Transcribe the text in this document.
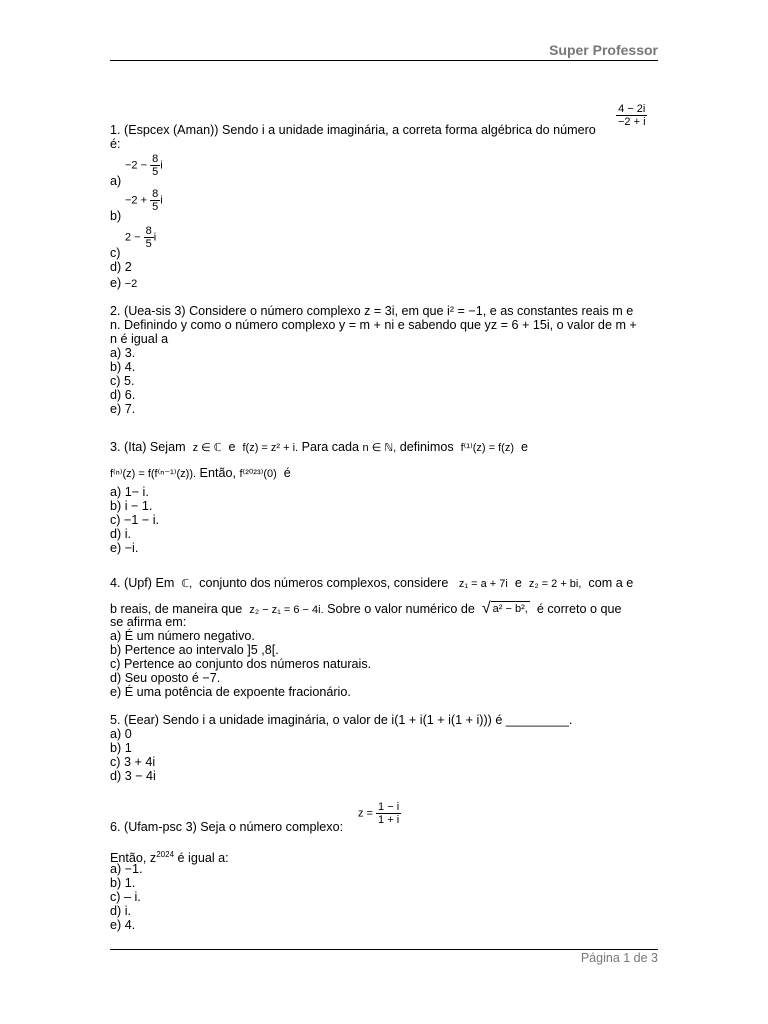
Super Professor
$\frac{4 - 2i}{-2 + i}$
1. (Espcex (Aman)) Sendo i a unidade imaginária, a correta forma algébrica do número
é:
$-2 - \frac{8}{5}$ i
a)
$-2 + \frac{8}{5}$ i
b)
$2 - \frac{8}{5}$ i
c)
d) 2
e) −2
2. (Uea-sis 3) Considere o número complexo z = 3i, em que i² = −1, e as constantes reais m e
n. Definindo y como o número complexo y = m + ni e sabendo que yz = 6 + 15i, o valor de m +
n é igual a
a) 3.
b) 4.
c) 5.
d) 6.
e) 7.
3. (Ita) Sejam z ∈ ℂ e f(z) = z² + i. Para cada n ∈ ℕ, definimos f⁽¹⁾(z) = f(z) e
f⁽ⁿ⁾(z) = f(f⁽ⁿ⁻¹⁾(z)). Então, f⁽²⁰²³⁾(0) é
a) 1− i.
b) i − 1.
c) −1 − i.
d) i.
e) −i.
4. (Upf) Em ℂ, conjunto dos números complexos, considere z₁ = a + 7i e z₂ = 2 + bi, com a e
b reais, de maneira que z₂ − z₁ = 6 − 4i. Sobre o valor numérico de √ a² − b², é correto o que
se afirma em:
a) É um número negativo.
b) Pertence ao intervalo ]5 ,8[.
c) Pertence ao conjunto dos números naturais.
d) Seu oposto é −7.
e) É uma potência de expoente fracionário.
5. (Eear) Sendo i a unidade imaginária, o valor de i(1 + i(1 + i(1 + i))) é _________.
a) 0
b) 1
c) 3 + 4i
d) 3 − 4i
$z = \frac{1 - i}{1 + i}$
6. (Ufam-psc 3) Seja o número complexo:
Então, $z^{2024}$ é igual a:
a) −1.
b) 1.
c) – i.
d) i.
e) 4.
Página 1 de 3
